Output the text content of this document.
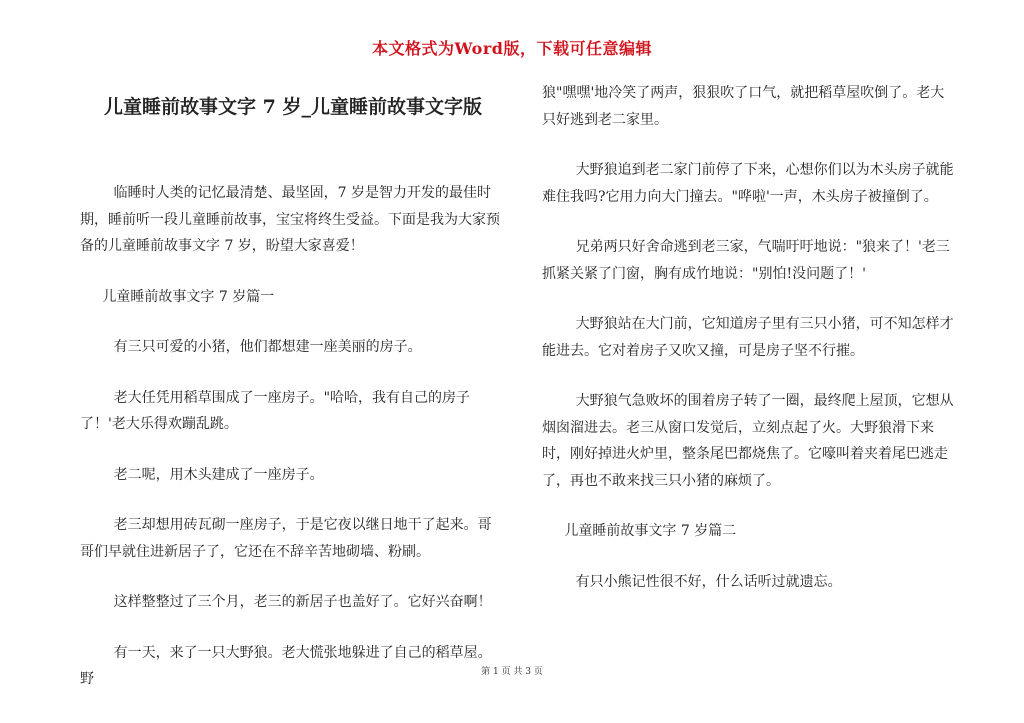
本文格式为Word版，下载可任意编辑
儿童睡前故事文字 7 岁_儿童睡前故事文字版

临睡时人类的记忆最清楚、最坚固，7 岁是智力开发的最佳时期，睡前听一段儿童睡前故事，宝宝将终生受益。下面是我为大家预备的儿童睡前故事文字 7 岁，盼望大家喜爱！

儿童睡前故事文字 7 岁篇一

有三只可爱的小猪，他们都想建一座美丽的房子。

老大任凭用稻草围成了一座房子。"哈哈，我有自己的房子了！'老大乐得欢蹦乱跳。

老二呢，用木头建成了一座房子。

老三却想用砖瓦砌一座房子，于是它夜以继日地干了起来。哥哥们早就住进新居子了，它还在不辞辛苦地砌墙、粉刷。

这样整整过了三个月，老三的新居子也盖好了。它好兴奋啊！

有一天，来了一只大野狼。老大慌张地躲进了自己的稻草屋。野

狼"嘿嘿'地冷笑了两声，狠狠吹了口气，就把稻草屋吹倒了。老大只好逃到老二家里。

大野狼追到老二家门前停了下来，心想你们以为木头房子就能难住我吗?它用力向大门撞去。"哗啦'一声，木头房子被撞倒了。

兄弟两只好舍命逃到老三家，气喘吁吁地说："狼来了！'老三抓紧关紧了门窗，胸有成竹地说："别怕!没问题了！'

大野狼站在大门前，它知道房子里有三只小猪，可不知怎样才能进去。它对着房子又吹又撞，可是房子坚不行摧。

大野狼气急败坏的围着房子转了一圈，最终爬上屋顶，它想从烟囱溜进去。老三从窗口发觉后，立刻点起了火。大野狼滑下来时，刚好掉进火炉里，整条尾巴都烧焦了。它嚎叫着夹着尾巴逃走了，再也不敢来找三只小猪的麻烦了。

儿童睡前故事文字 7 岁篇二

有只小熊记性很不好，什么话听过就遗忘。

第 1 页 共 3 页
